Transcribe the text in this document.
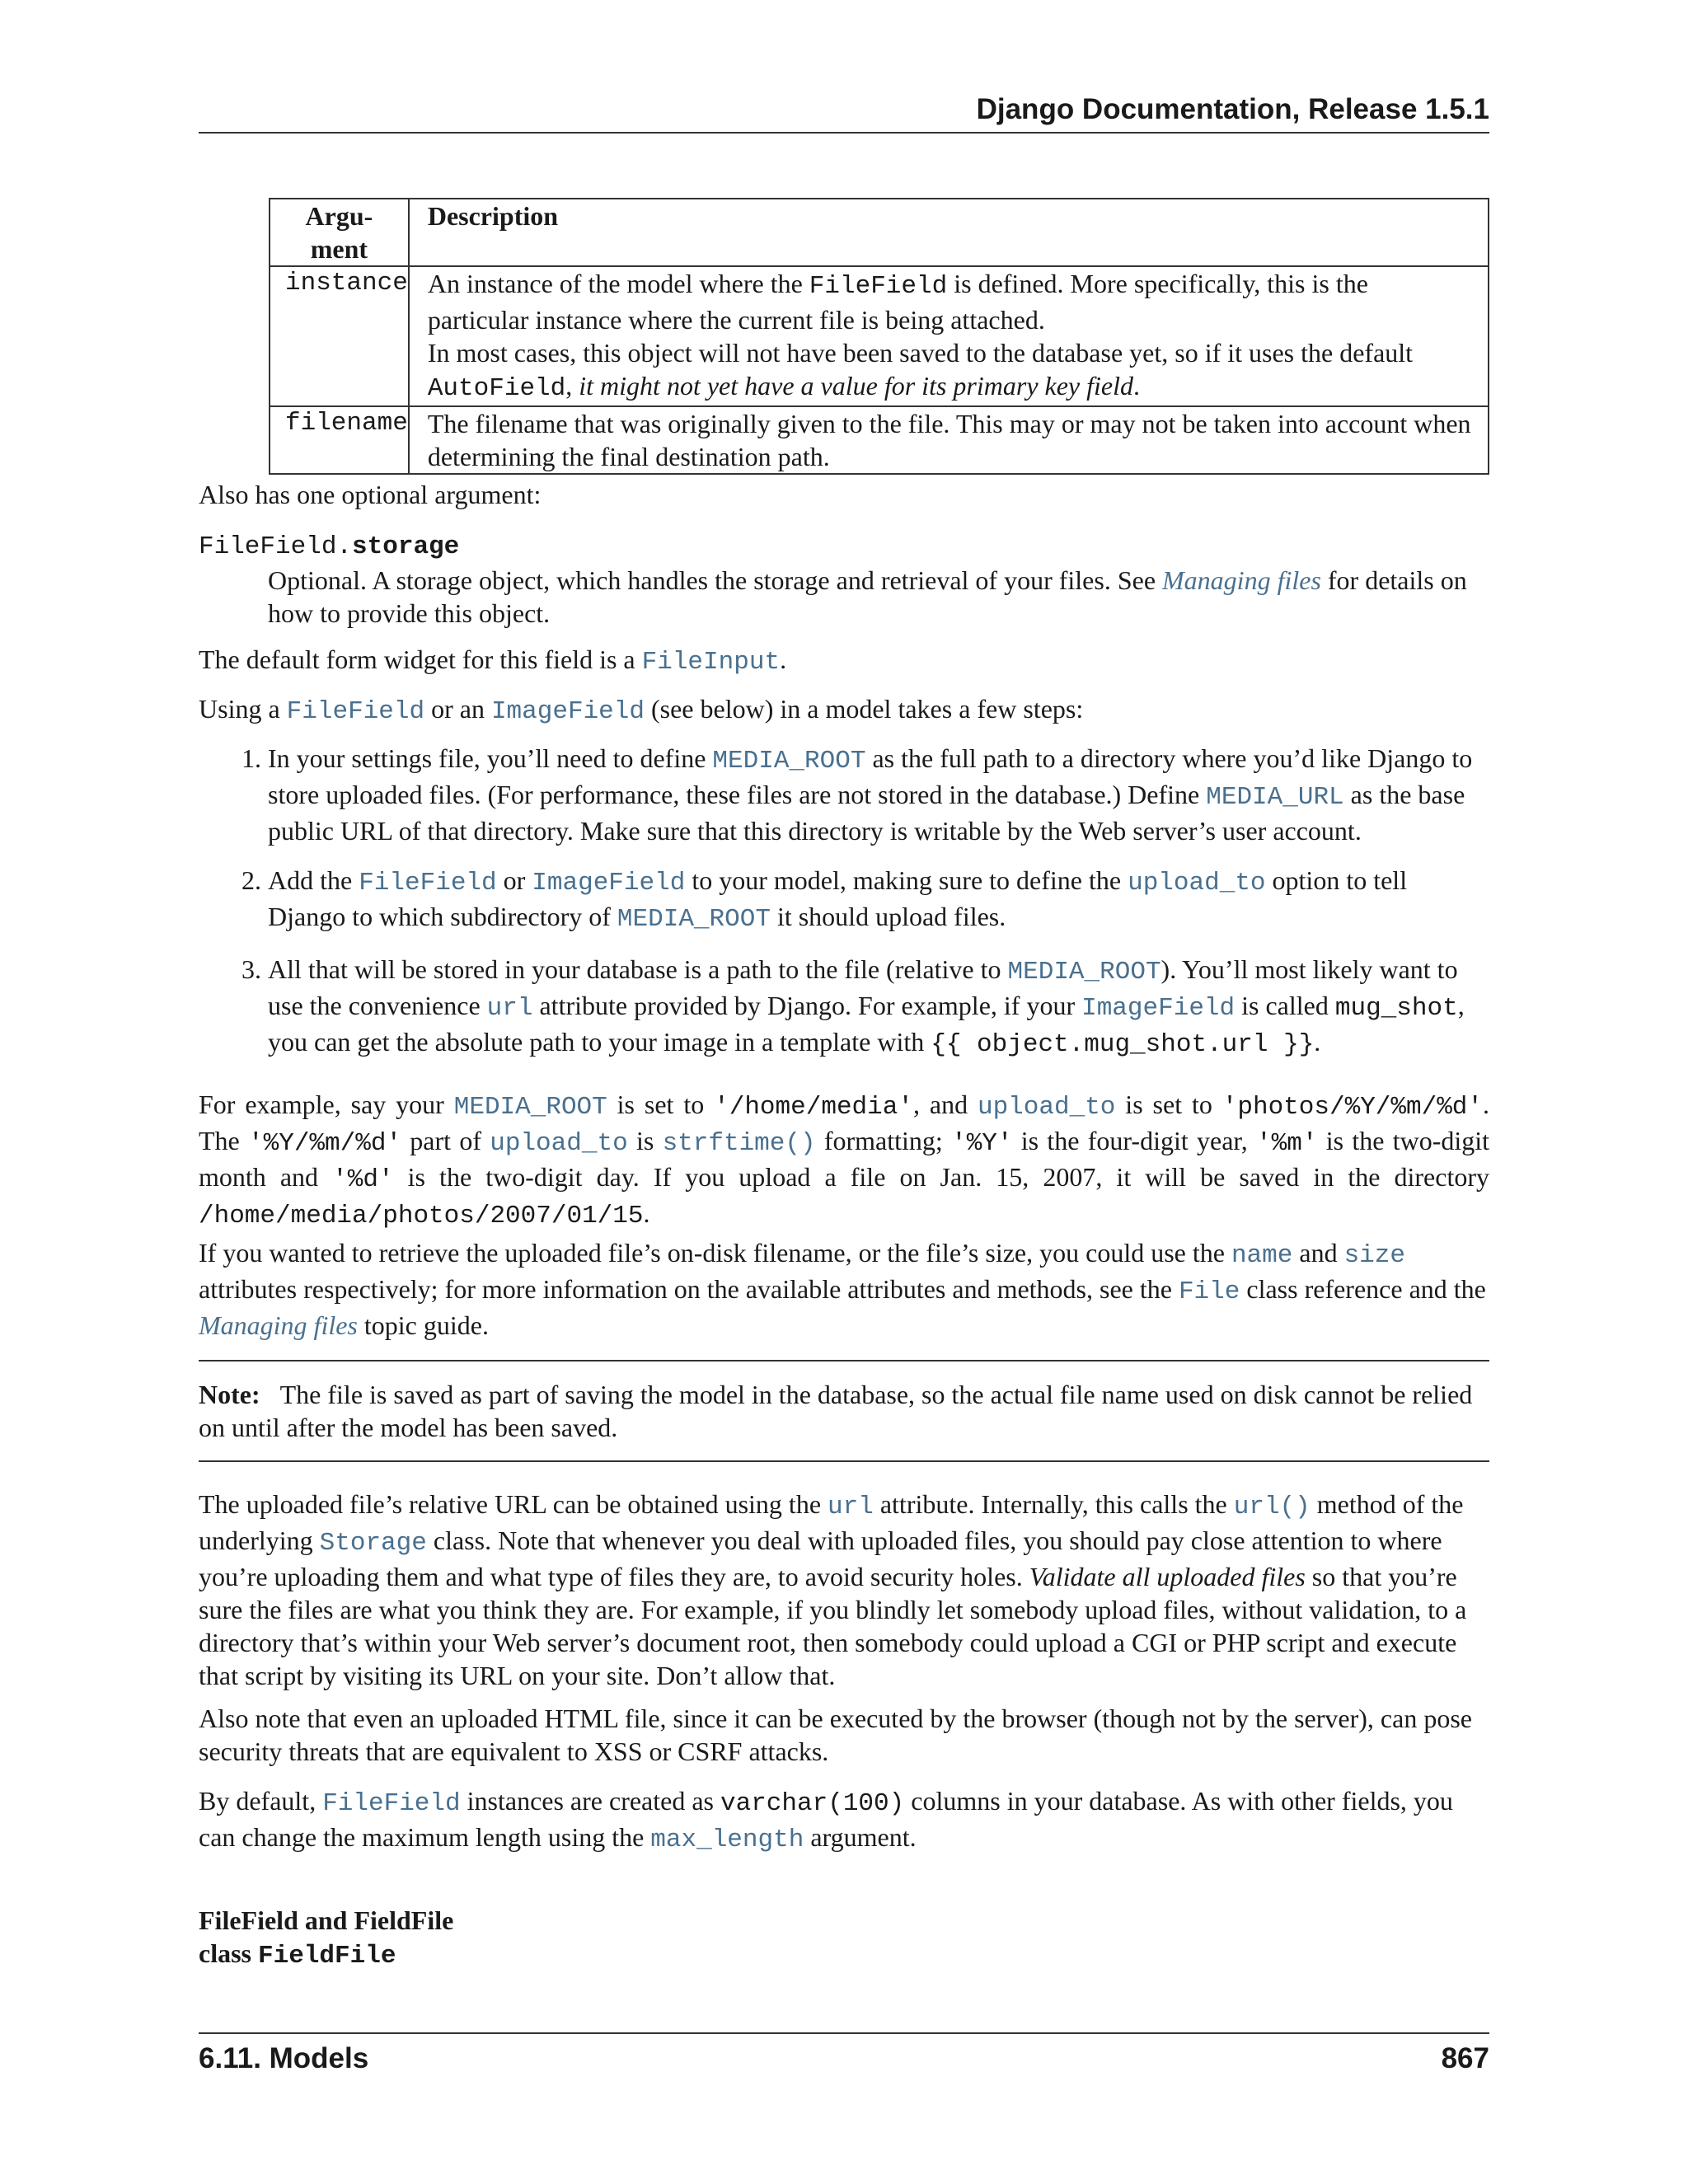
Django Documentation, Release 1.5.1
Argu-
ment	Description

instance	An instance of the model where the FileField is defined. More specifically, this is the particular instance where the current file is being attached.
In most cases, this object will not have been saved to the database yet, so if it uses the default AutoField, it might not yet have a value for its primary key field.

filename	The filename that was originally given to the file. This may or may not be taken into account when determining the final destination path.

Also has one optional argument:

FileField.storage
Optional. A storage object, which handles the storage and retrieval of your files. See Managing files for details on how to provide this object.

The default form widget for this field is a FileInput.

Using a FileField or an ImageField (see below) in a model takes a few steps:

1. In your settings file, you’ll need to define MEDIA_ROOT as the full path to a directory where you’d like Django to store uploaded files. (For performance, these files are not stored in the database.) Define MEDIA_URL as the base public URL of that directory. Make sure that this directory is writable by the Web server’s user account.
2. Add the FileField or ImageField to your model, making sure to define the upload_to option to tell Django to which subdirectory of MEDIA_ROOT it should upload files.
3. All that will be stored in your database is a path to the file (relative to MEDIA_ROOT). You’ll most likely want to use the convenience url attribute provided by Django. For example, if your ImageField is called mug_shot, you can get the absolute path to your image in a template with {{ object.mug_shot.url }}.

For example, say your MEDIA_ROOT is set to '/home/media', and upload_to is set to 'photos/%Y/%m/%d'. The '%Y/%m/%d' part of upload_to is strftime() formatting; '%Y' is the four-digit year, '%m' is the two-digit month and '%d' is the two-digit day. If you upload a file on Jan. 15, 2007, it will be saved in the directory /home/media/photos/2007/01/15.

If you wanted to retrieve the uploaded file’s on-disk filename, or the file’s size, you could use the name and size attributes respectively; for more information on the available attributes and methods, see the File class reference and the Managing files topic guide.

Note: The file is saved as part of saving the model in the database, so the actual file name used on disk cannot be relied on until after the model has been saved.

The uploaded file’s relative URL can be obtained using the url attribute. Internally, this calls the url() method of the underlying Storage class. Note that whenever you deal with uploaded files, you should pay close attention to where you’re uploading them and what type of files they are, to avoid security holes. Validate all uploaded files so that you’re sure the files are what you think they are. For example, if you blindly let somebody upload files, without validation, to a directory that’s within your Web server’s document root, then somebody could upload a CGI or PHP script and execute that script by visiting its URL on your site. Don’t allow that.

Also note that even an uploaded HTML file, since it can be executed by the browser (though not by the server), can pose security threats that are equivalent to XSS or CSRF attacks.

By default, FileField instances are created as varchar(100) columns in your database. As with other fields, you can change the maximum length using the max_length argument.

FileField and FieldFile
class FieldFile
6.11. Models	867
